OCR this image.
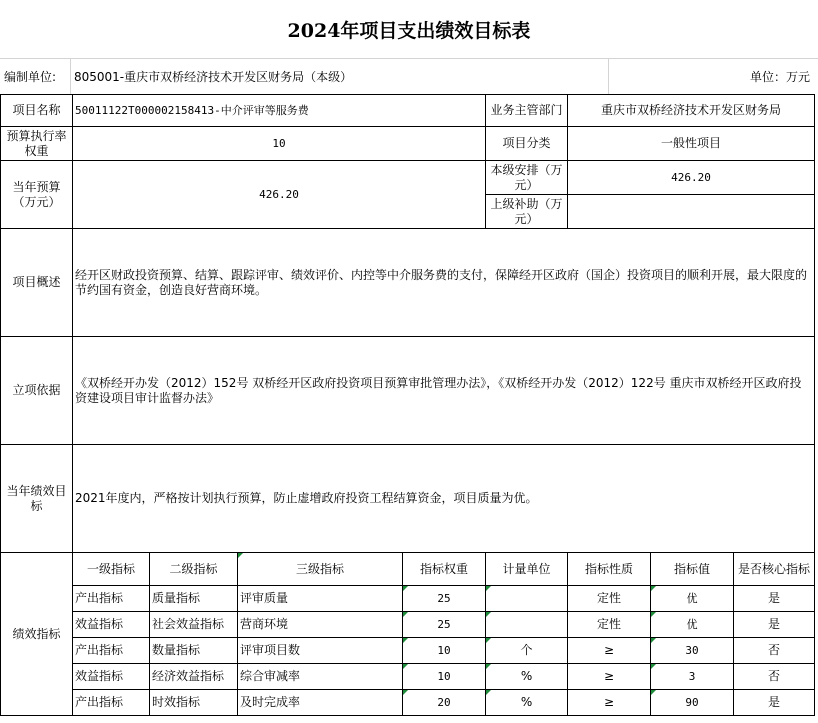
2024年项目支出绩效目标表
编制单位: 805001-重庆市双桥经济技术开发区财务局（本级）	单位：万元
项目名称	50011122T000002158413-中介评审等服务费				业务主管部门	重庆市双桥经济技术开发区财务局		
预算执行率权重	10				项目分类	一般性项目		
当年预算（万元）	426.20				本级安排（万元）	426.20		
					上级补助（万元）			
项目概述	经开区财政投资预算、结算、跟踪评审、绩效评价、内控等中介服务费的支付，保障经开区政府（国企）投资项目的顺利开展，最大限度的节约国有资金，创造良好营商环境。							
立项依据	《双桥经开办发（2012）152号 双桥经开区政府投资项目预算审批管理办法》，《双桥经开办发（2012）122号 重庆市双桥经开区政府投资建设项目审计监督办法》							
当年绩效目标	2021年度内，严格按计划执行预算，防止虚增政府投资工程结算资金，项目质量为优。							
绩效指标	一级指标	二级指标	三级指标	指标权重	计量单位	指标性质	指标值	是否核心指标
	产出指标	质量指标	评审质量	25		定性	优	是
	效益指标	社会效益指标	营商环境	25		定性	优	是
	产出指标	数量指标	评审项目数	10	个	≥	30	否
	效益指标	经济效益指标	综合审减率	10	%	≥	3	否
	产出指标	时效指标	及时完成率	20	%	≥	90	是
